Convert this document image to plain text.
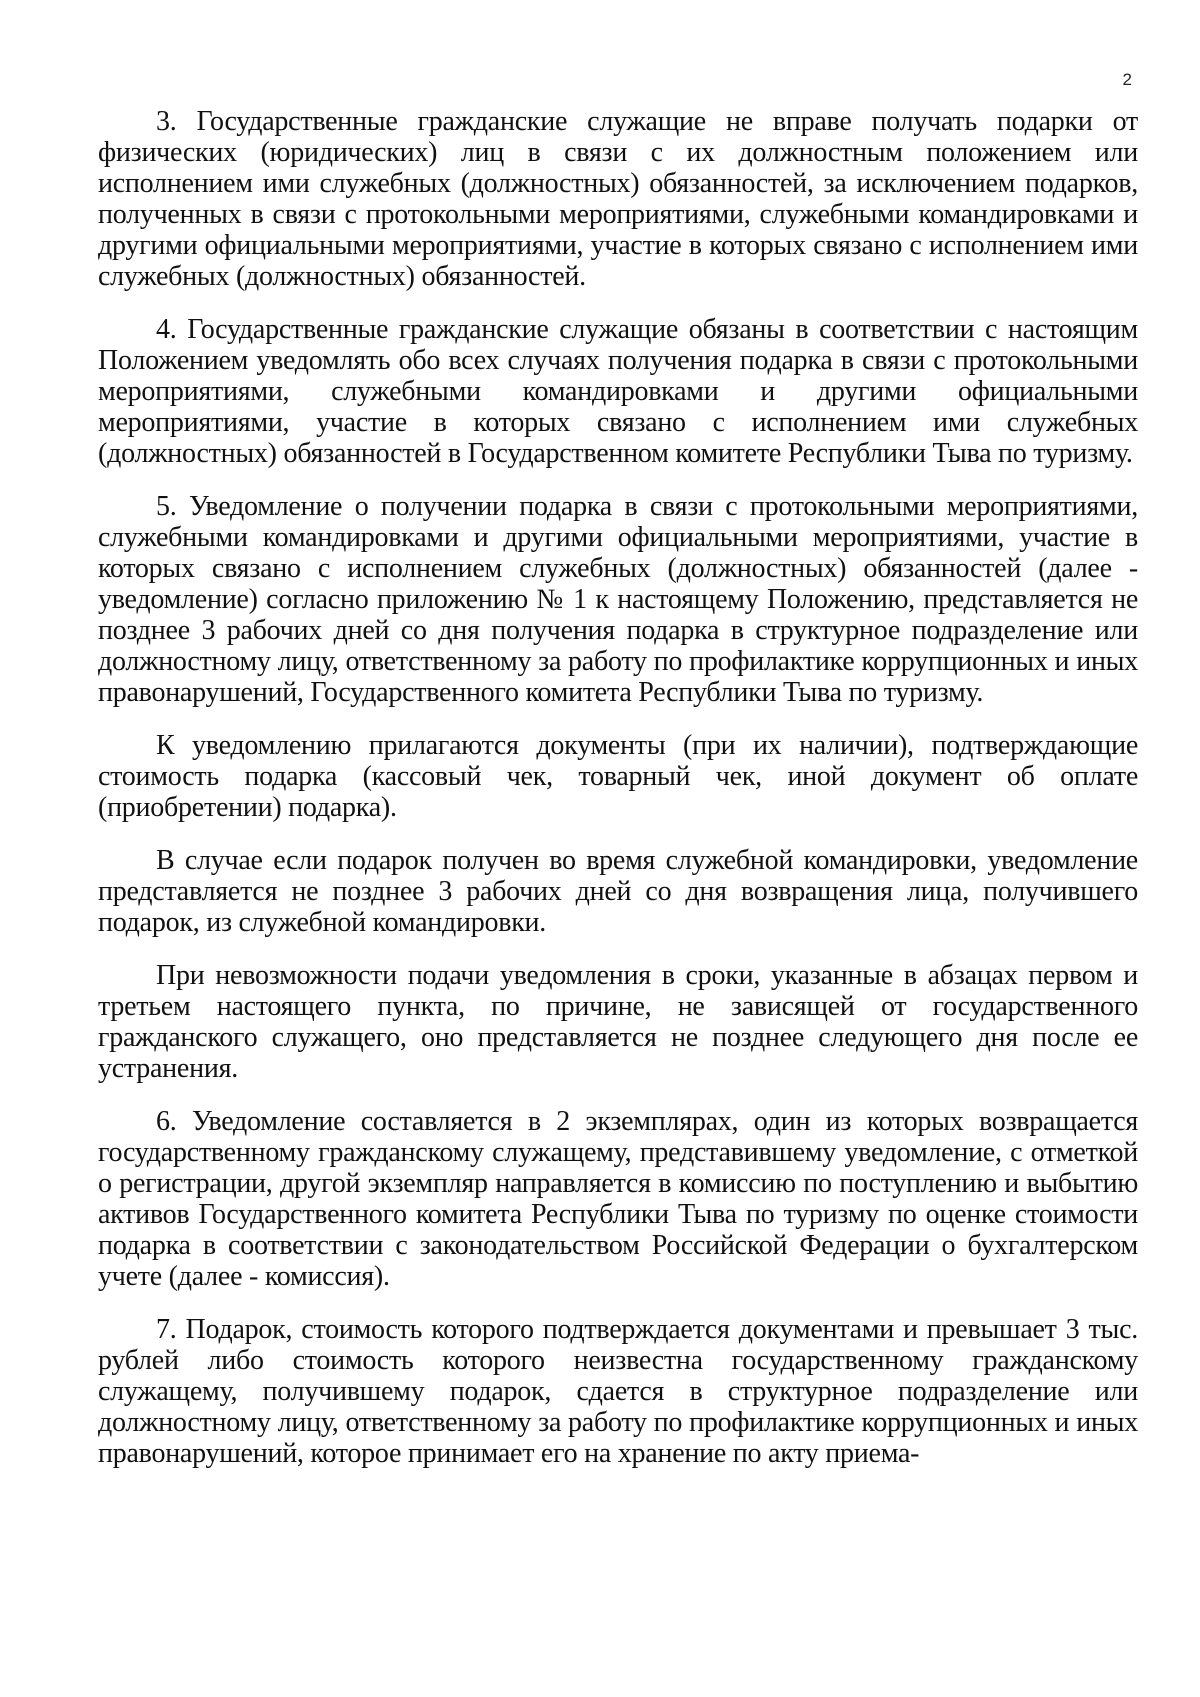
2

3. Государственные гражданские служащие не вправе получать подарки от физических (юридических) лиц в связи с их должностным положением или исполнением ими служебных (должностных) обязанностей, за исключением подарков, полученных в связи с протокольными мероприятиями, служебными командировками и другими официальными мероприятиями, участие в которых связано с исполнением ими служебных (должностных) обязанностей.

4. Государственные гражданские служащие обязаны в соответствии с настоящим Положением уведомлять обо всех случаях получения подарка в связи с протокольными мероприятиями, служебными командировками и другими официальными мероприятиями, участие в которых связано с исполнением ими служебных (должностных) обязанностей в Государственном комитете Республики Тыва по туризму.

5. Уведомление о получении подарка в связи с протокольными мероприятиями, служебными командировками и другими официальными мероприятиями, участие в которых связано с исполнением служебных (должностных) обязанностей (далее - уведомление) согласно приложению № 1 к настоящему Положению, представляется не позднее 3 рабочих дней со дня получения подарка в структурное подразделение или должностному лицу, ответственному за работу по профилактике коррупционных и иных правонарушений, Государственного комитета Республики Тыва по туризму.

К уведомлению прилагаются документы (при их наличии), подтверждающие стоимость подарка (кассовый чек, товарный чек, иной документ об оплате (приобретении) подарка).

В случае если подарок получен во время служебной командировки, уведомление представляется не позднее 3 рабочих дней со дня возвращения лица, получившего подарок, из служебной командировки.

При невозможности подачи уведомления в сроки, указанные в абзацах первом и третьем настоящего пункта, по причине, не зависящей от государственного гражданского служащего, оно представляется не позднее следующего дня после ее устранения.

6. Уведомление составляется в 2 экземплярах, один из которых возвращается государственному гражданскому служащему, представившему уведомление, с отметкой о регистрации, другой экземпляр направляется в комиссию по поступлению и выбытию активов Государственного комитета Республики Тыва по туризму по оценке стоимости подарка в соответствии с законодательством Российской Федерации о бухгалтерском учете (далее - комиссия).

7. Подарок, стоимость которого подтверждается документами и превышает 3 тыс. рублей либо стоимость которого неизвестна государственному гражданскому служащему, получившему подарок, сдается в структурное подразделение или должностному лицу, ответственному за работу по профилактике коррупционных и иных правонарушений, которое принимает его на хранение по акту приема-
